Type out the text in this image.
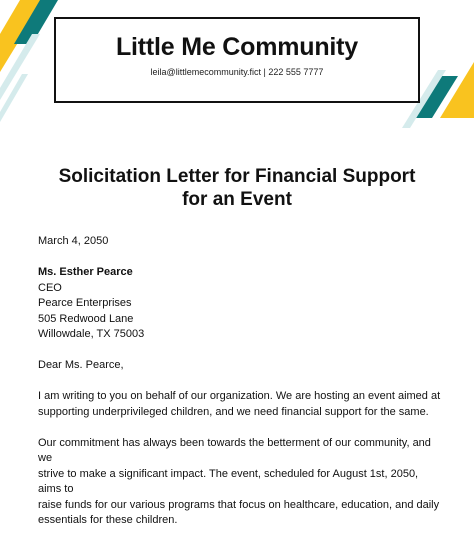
Little Me Community
leila@littlemecommunity.fict | 222 555 7777
Solicitation Letter for Financial Support
for an Event

March 4, 2050

Ms. Esther Pearce

CEO

Pearce Enterprises

505 Redwood Lane

Willowdale, TX 75003

Dear Ms. Pearce,

I am writing to you on behalf of our organization. We are hosting an event aimed at

supporting underprivileged children, and we need financial support for the same.

Our commitment has always been towards the betterment of our community, and we

strive to make a significant impact. The event, scheduled for August 1st, 2050, aims to

raise funds for our various programs that focus on healthcare, education, and daily

essentials for these children.
